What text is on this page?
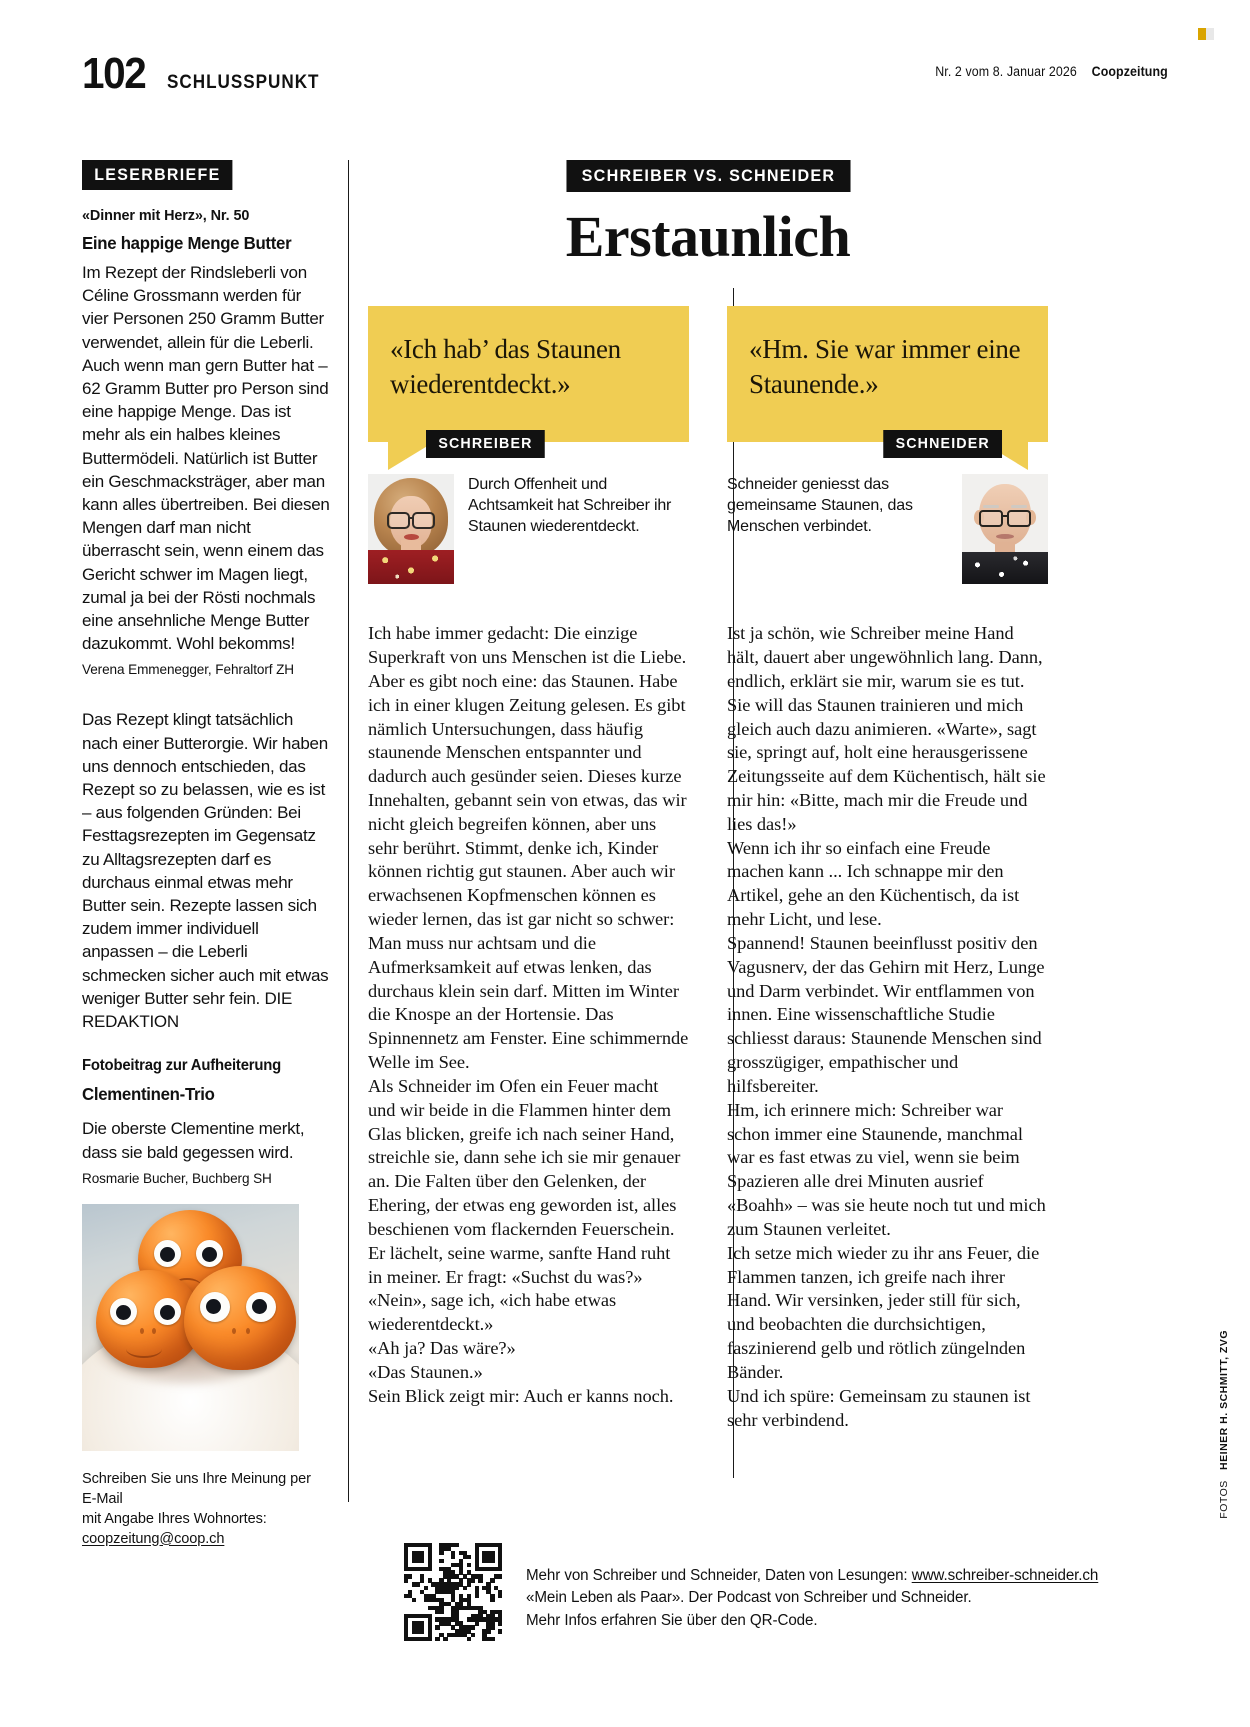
102 SCHLUSSPUNKT
Nr. 2 vom 8. Januar 2026 Coopzeitung
LESERBRIEFE
«Dinner mit Herz», Nr. 50
Eine happige Menge Butter
Im Rezept der Rindsleberli von Céline Grossmann werden für vier Personen 250 Gramm Butter verwendet, allein für die Leberli. Auch wenn man gern Butter hat – 62 Gramm Butter pro Person sind eine happige Menge. Das ist mehr als ein halbes kleines Buttermödeli. Natürlich ist Butter ein Geschmacksträger, aber man kann alles übertreiben. Bei diesen Mengen darf man nicht überrascht sein, wenn einem das Gericht schwer im Magen liegt, zumal ja bei der Rösti nochmals eine ansehnliche Menge Butter dazukommt. Wohl bekomms!
Verena Emmenegger, Fehraltorf ZH
Das Rezept klingt tatsächlich nach einer Butterorgie. Wir haben uns dennoch entschieden, das Rezept so zu belassen, wie es ist – aus folgenden Gründen: Bei Festtagsrezepten im Gegensatz zu Alltagsrezepten darf es durchaus einmal etwas mehr Butter sein. Rezepte lassen sich zudem immer individuell anpassen – die Leberli schmecken sicher auch mit etwas weniger Butter sehr fein. DIE REDAKTION
Fotobeitrag zur Aufheiterung
Clementinen-Trio
Die oberste Clementine merkt, dass sie bald gegessen wird.
Rosmarie Bucher, Buchberg SH
Schreiben Sie uns Ihre Meinung per E-Mail
mit Angabe Ihres Wohnortes:
coopzeitung@coop.ch
SCHREIBER VS. SCHNEIDER
Erstaunlich
«Ich hab’ das Staunen wiederentdeckt.»
SCHREIBER
Durch Offenheit und Achtsamkeit hat Schreiber ihr Staunen wiederentdeckt.
«Hm. Sie war immer eine Staunende.»
SCHNEIDER
Schneider geniesst das gemeinsame Staunen, das Menschen verbindet.

Ich habe immer gedacht: Die einzige Superkraft von uns Menschen ist die Liebe. Aber es gibt noch eine: das Staunen. Habe ich in einer klugen Zeitung gelesen. Es gibt nämlich Untersuchungen, dass häufig staunende Menschen entspannter und dadurch auch gesünder seien. Dieses kurze Innehalten, gebannt sein von etwas, das wir nicht gleich begreifen können, aber uns sehr berührt. Stimmt, denke ich, Kinder können richtig gut staunen. Aber auch wir erwachsenen Kopfmenschen können es wieder lernen, das ist gar nicht so schwer: Man muss nur achtsam und die Aufmerksamkeit auf etwas lenken, das durchaus klein sein darf. Mitten im Winter die Knospe an der Hortensie. Das Spinnennetz am Fenster. Eine schimmernde Welle im See.

Als Schneider im Ofen ein Feuer macht und wir beide in die Flammen hinter dem Glas blicken, greife ich nach seiner Hand, streichle sie, dann sehe ich sie mir genauer an. Die Falten über den Gelenken, der Ehering, der etwas eng geworden ist, alles beschienen vom flackernden Feuerschein.

Er lächelt, seine warme, sanfte Hand ruht in meiner. Er fragt: «Suchst du was?»

«Nein», sage ich, «ich habe etwas wiederentdeckt.»

«Ah ja? Das wäre?»

«Das Staunen.»

Sein Blick zeigt mir: Auch er kanns noch.

Ist ja schön, wie Schreiber meine Hand hält, dauert aber ungewöhnlich lang. Dann, endlich, erklärt sie mir, warum sie es tut. Sie will das Staunen trainieren und mich gleich auch dazu animieren. «Warte», sagt sie, springt auf, holt eine herausgerissene Zeitungsseite auf dem Küchentisch, hält sie mir hin: «Bitte, mach mir die Freude und lies das!»

Wenn ich ihr so einfach eine Freude machen kann ... Ich schnappe mir den Artikel, gehe an den Küchentisch, da ist mehr Licht, und lese.

Spannend! Staunen beeinflusst positiv den Vagusnerv, der das Gehirn mit Herz, Lunge und Darm verbindet. Wir entflammen von innen. Eine wissenschaftliche Studie schliesst daraus: Staunende Menschen sind grosszügiger, empathischer und hilfsbereiter.

Hm, ich erinnere mich: Schreiber war schon immer eine Staunende, manchmal war es fast etwas zu viel, wenn sie beim Spazieren alle drei Minuten ausrief «Boahh» – was sie heute noch tut und mich zum Staunen verleitet.

Ich setze mich wieder zu ihr ans Feuer, die Flammen tanzen, ich greife nach ihrer Hand. Wir versinken, jeder still für sich, und beobachten die durchsichtigen, faszinierend gelb und rötlich züngelnden Bänder.

Und ich spüre: Gemeinsam zu staunen ist sehr verbindend.

Mehr von Schreiber und Schneider, Daten von Lesungen: www.schreiber-schneider.ch
«Mein Leben als Paar». Der Podcast von Schreiber und Schneider.
Mehr Infos erfahren Sie über den QR-Code.
FOTOS   HEINER H. SCHMITT, ZVG
